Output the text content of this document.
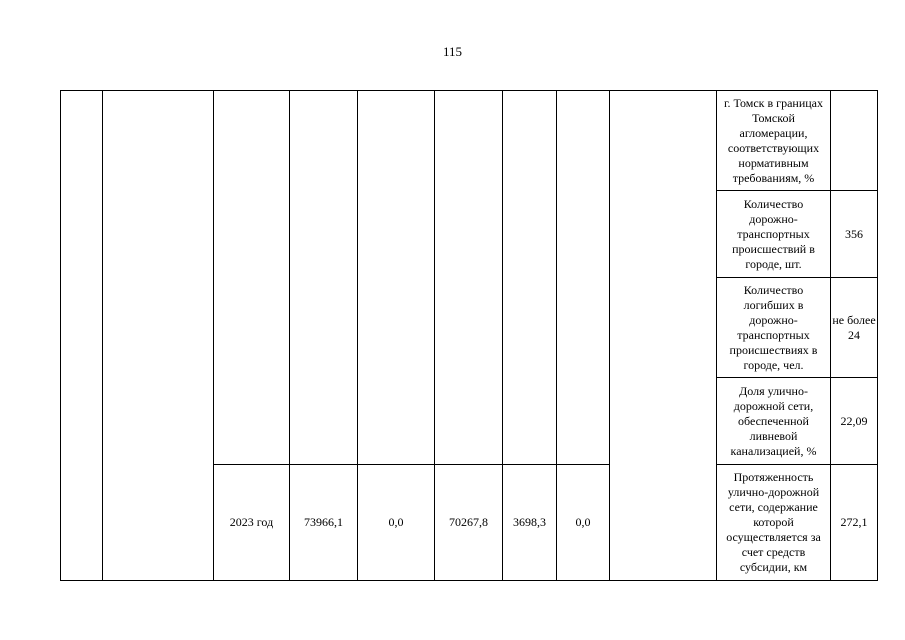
115
									г. Томск в границах Томской агломерации, соответствующих нормативным требованиям, %	
									Количество дорожно-транспортных происшествий в городе, шт.	356
									Количество логибших в дорожно-транспортных происшествиях в городе, чел.	не более 24
									Доля улично-дорожной сети, обеспеченной ливневой канализацией, %	22,09
		2023 год	73966,1	0,0	70267,8	3698,3	0,0		Протяженность улично-дорожной сети, содержание которой осуществляется за счет средств субсидии, км	272,1
